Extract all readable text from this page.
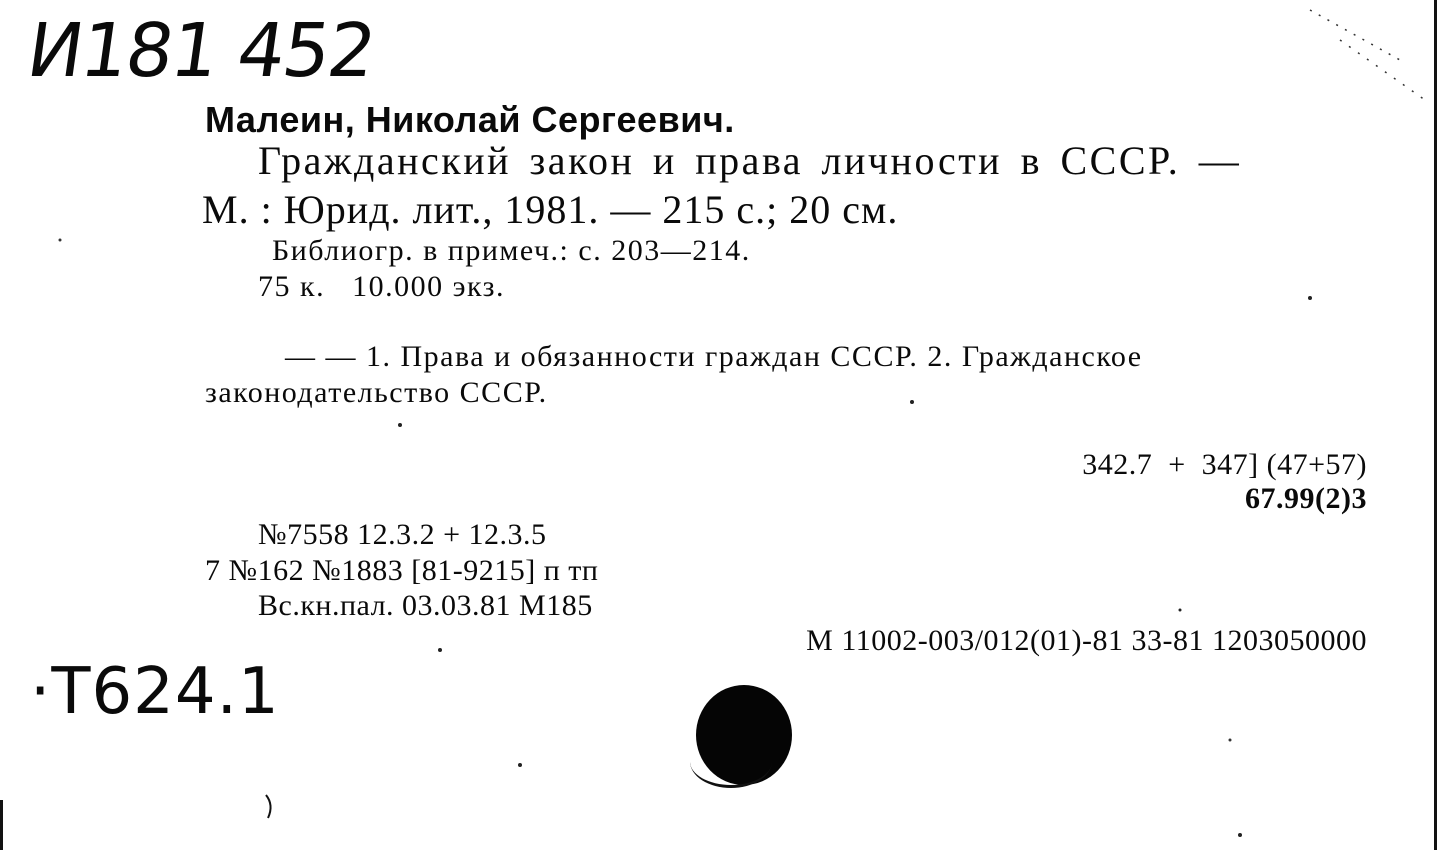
И181 452
Малеин, Николай Сергеевич.
Гражданский закон и права личности в СССР. —
М. : Юрид. лит., 1981. — 215 с.; 20 см.
Библиогр. в примеч.: с. 203—214.
75 к.   10.000 экз.
— — 1. Права и обязанности граждан СССР. 2. Гражданское
законодательство СССР.
342.7  +  347] (47+57)
67.99(2)3
№7558 12.3.2 + 12.3.5
7 №162 №1883 [81-9215] п тп
Вс.кн.пал. 03.03.81 М185
М 11002-003/012(01)-81 33-81 1203050000
·Т624.1
